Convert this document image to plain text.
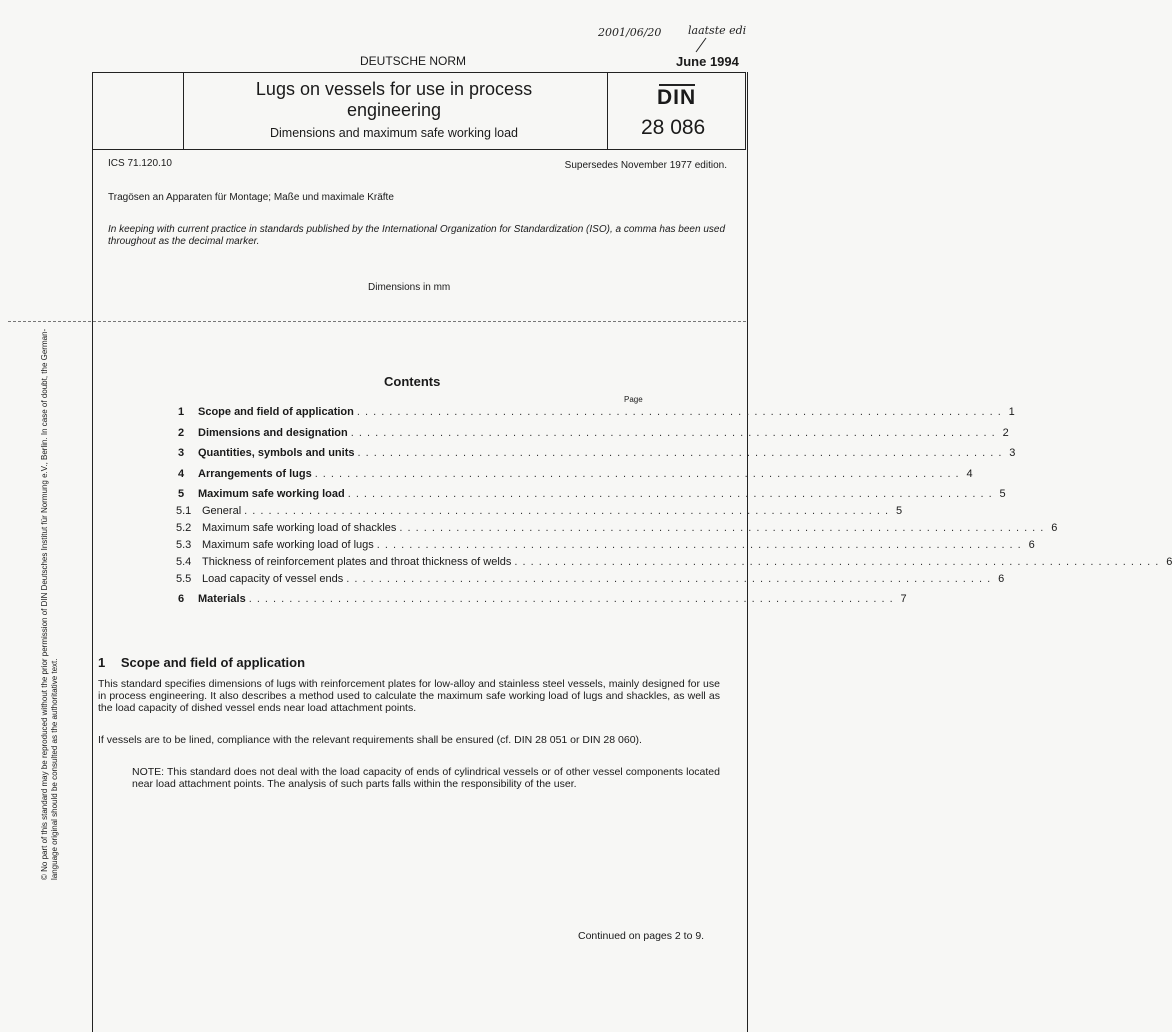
2001/06/20 laatste edi
DEUTSCHE NORM	June 1994
Lugs on vessels for use in process
engineering
Dimensions and maximum safe working load
DIN
28 086
ICS 71.120.10	Supersedes November 1977 edition.
Tragösen an Apparaten für Montage; Maße und maximale Kräfte
In keeping with current practice in standards published by the International Organization for Standardization (ISO), a comma has been used throughout as the decimal marker.
Dimensions in mm
Contents
Page
1	Scope and field of application . . . . . . . . . . . . . . . . . . . . . . . . . . . . . . . . . . . . . . . . . . . . . . . . . . . . . . . . . . . . . . . . . . . . . . . . . . . . . . . . 1
2	Dimensions and designation . . . . . . . . . . . . . . . . . . . . . . . . . . . . . . . . . . . . . . . . . . . . . . . . . . . . . . . . . . . . . . . . . . . . . . . . . . . . . . . . 2
3	Quantities, symbols and units . . . . . . . . . . . . . . . . . . . . . . . . . . . . . . . . . . . . . . . . . . . . . . . . . . . . . . . . . . . . . . . . . . . . . . . . . . . . . . . . 3
4	Arrangements of lugs . . . . . . . . . . . . . . . . . . . . . . . . . . . . . . . . . . . . . . . . . . . . . . . . . . . . . . . . . . . . . . . . . . . . . . . . . . . . . . . . 4
5	Maximum safe working load . . . . . . . . . . . . . . . . . . . . . . . . . . . . . . . . . . . . . . . . . . . . . . . . . . . . . . . . . . . . . . . . . . . . . . . . . . . . . . . . 5
5.1 General . . . . . . . . . . . . . . . . . . . . . . . . . . . . . . . . . . . . . . . . . . . . . . . . . . . . . . . . . . . . . . . . . . . . . . . . . . . . . . . . 5
5.2 Maximum safe working load of shackles . . . . . . . . . . . . . . . . . . . . . . . . . . . . . . . . . . . . . . . . . . . . . . . . . . . . . . . . . . . . . . . . . . . . . . . . . . . . . . . . 6
5.3 Maximum safe working load of lugs . . . . . . . . . . . . . . . . . . . . . . . . . . . . . . . . . . . . . . . . . . . . . . . . . . . . . . . . . . . . . . . . . . . . . . . . . . . . . . . . 6
5.4 Thickness of reinforcement plates and throat thickness of welds . . . . . . . . . . . . . . . . . . . . . . . . . . . . . . . . . . . . . . . . . . . . . . . . . . . . . . . . . . . . . . . . . . . . . . . . . . . . . . . . 6
5.5 Load capacity of vessel ends . . . . . . . . . . . . . . . . . . . . . . . . . . . . . . . . . . . . . . . . . . . . . . . . . . . . . . . . . . . . . . . . . . . . . . . . . . . . . . . . 6
6	Materials . . . . . . . . . . . . . . . . . . . . . . . . . . . . . . . . . . . . . . . . . . . . . . . . . . . . . . . . . . . . . . . . . . . . . . . . . . . . . . . . 7
1 Scope and field of application
This standard specifies dimensions of lugs with reinforcement plates for low-alloy and stainless steel vessels, mainly designed for use in process engineering. It also describes a method used to calculate the maximum safe working load of lugs and shackles, as well as the load capacity of dished vessel ends near load attachment points.
If vessels are to be lined, compliance with the relevant requirements shall be ensured (cf. DIN 28 051 or DIN 28 060).
NOTE: This standard does not deal with the load capacity of ends of cylindrical vessels or of other vessel components located near load attachment points. The analysis of such parts falls within the responsibility of the user.
Continued on pages 2 to 9.
© No part of this standard may be reproduced without the prior permission of DIN Deutsches Institut für Normung e.V., Berlin. In case of doubt, the German-language original should be consulted as the authoritative text.
